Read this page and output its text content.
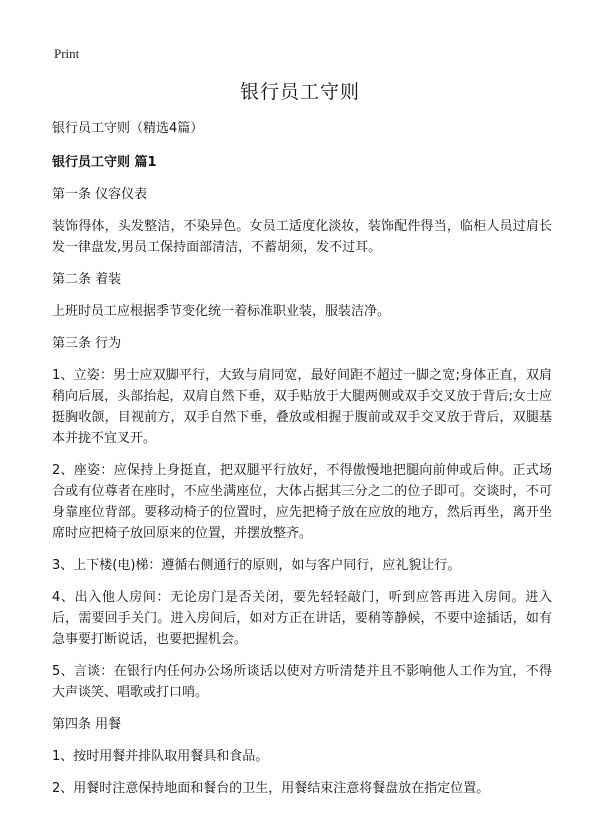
Print
银行员工守则

银行员工守则（精选4篇）

银行员工守则 篇1

第一条 仪容仪表

装饰得体，头发整洁，不染异色。女员工适度化淡妆，装饰配件得当，临柜人员过肩长发一律盘发,男员工保持面部清洁，不蓄胡须，发不过耳。

第二条 着装

上班时员工应根据季节变化统一着标准职业装，服装洁净。

第三条 行为

1、立姿：男士应双脚平行，大致与肩同宽，最好间距不超过一脚之宽;身体正直，双肩稍向后展，头部抬起，双肩自然下垂，双手贴放于大腿两侧或双手交叉放于背后;女士应挺胸收颌，目视前方，双手自然下垂，叠放或相握于腹前或双手交叉放于背后，双腿基本并拢不宜叉开。

2、座姿：应保持上身挺直，把双腿平行放好，不得傲慢地把腿向前伸或后伸。正式场合或有位尊者在座时，不应坐满座位，大体占据其三分之二的位子即可。交谈时，不可身靠座位背部。要移动椅子的位置时，应先把椅子放在应放的地方，然后再坐，离开坐席时应把椅子放回原来的位置，并摆放整齐。

3、上下楼(电)梯：遵循右侧通行的原则，如与客户同行，应礼貌让行。

4、出入他人房间：无论房门是否关闭，要先轻轻敲门，听到应答再进入房间。进入后，需要回手关门。进入房间后，如对方正在讲话，要稍等静候，不要中途插话，如有急事要打断说话，也要把握机会。

5、言谈：在银行内任何办公场所谈话以使对方听清楚并且不影响他人工作为宜，不得大声谈笑、唱歌或打口哨。

第四条 用餐

1、按时用餐并排队取用餐具和食品。

2、用餐时注意保持地面和餐台的卫生，用餐结束注意将餐盘放在指定位置。
